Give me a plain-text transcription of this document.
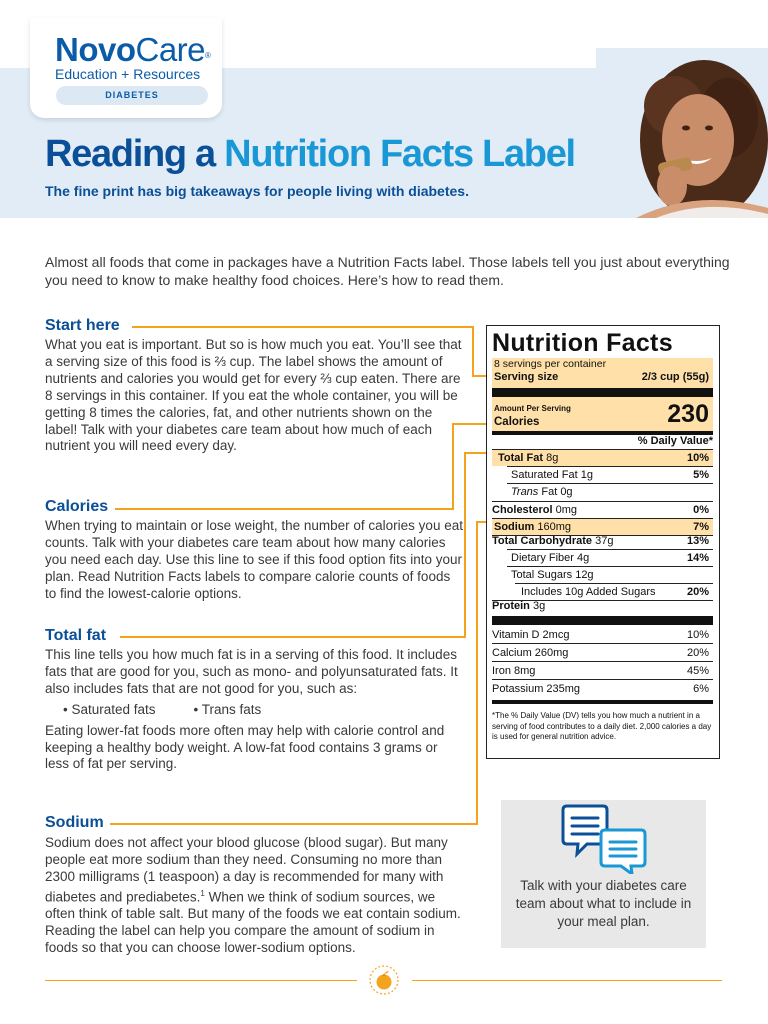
NovoCare®
Education + Resources
DIABETES
Reading a Nutrition Facts Label
The fine print has big takeaways for people living with diabetes.
Almost all foods that come in packages have a Nutrition Facts label. Those labels tell you just about everything you need to know to make healthy food choices. Here’s how to read them.
Start here
What you eat is important. But so is how much you eat. You’ll see that a serving size of this food is ⅔ cup. The label shows the amount of nutrients and calories you would get for every ⅔ cup eaten. There are 8 servings in this container. If you eat the whole container, you will be getting 8 times the calories, fat, and other nutrients shown on the label! Talk with your diabetes care team about how much of each nutrient you will need every day.
Calories
When trying to maintain or lose weight, the number of calories you eat counts. Talk with your diabetes care team about how many calories you need each day. Use this line to see if this food option fits into your plan. Read Nutrition Facts labels to compare calorie counts of foods to find the lowest-calorie options.
Total fat

This line tells you how much fat is in a serving of this food. It includes fats that are good for you, such as mono- and polyunsaturated fats. It also includes fats that are not good for you, such as:

• Saturated fats	• Trans fats

Eating lower-fat foods more often may help with calorie control and keeping a healthy body weight. A low-fat food contains 3 grams or less of fat per serving.

Sodium
Sodium does not affect your blood glucose (blood sugar). But many people eat more sodium than they need. Consuming no more than 2300 milligrams (1 teaspoon) a day is recommended for many with diabetes and prediabetes.$^1$ When we think of sodium sources, we often think of table salt. But many of the foods we eat contain sodium. Reading the label can help you compare the amount of sodium in foods so that you can choose lower-sodium options.
Nutrition Facts
8 servings per container
Serving size	2/3 cup (55g)
Amount Per Serving
Calories	230
% Daily Value*
Total Fat 8g	10%
Saturated Fat 1g	5%
Trans Fat 0g
Cholesterol 0mg	0%
Sodium 160mg	7%
Total Carbohydrate 37g	13%
Dietary Fiber 4g	14%
Total Sugars 12g
Includes 10g Added Sugars	20%
Protein 3g
Vitamin D 2mcg	10%
Calcium 260mg	20%
Iron 8mg	45%
Potassium 235mg	6%
*The % Daily Value (DV) tells you how much a nutrient in a serving of food contributes to a daily diet. 2,000 calories a day is used for general nutrition advice.
Talk with your diabetes care team about what to include in your meal plan.
